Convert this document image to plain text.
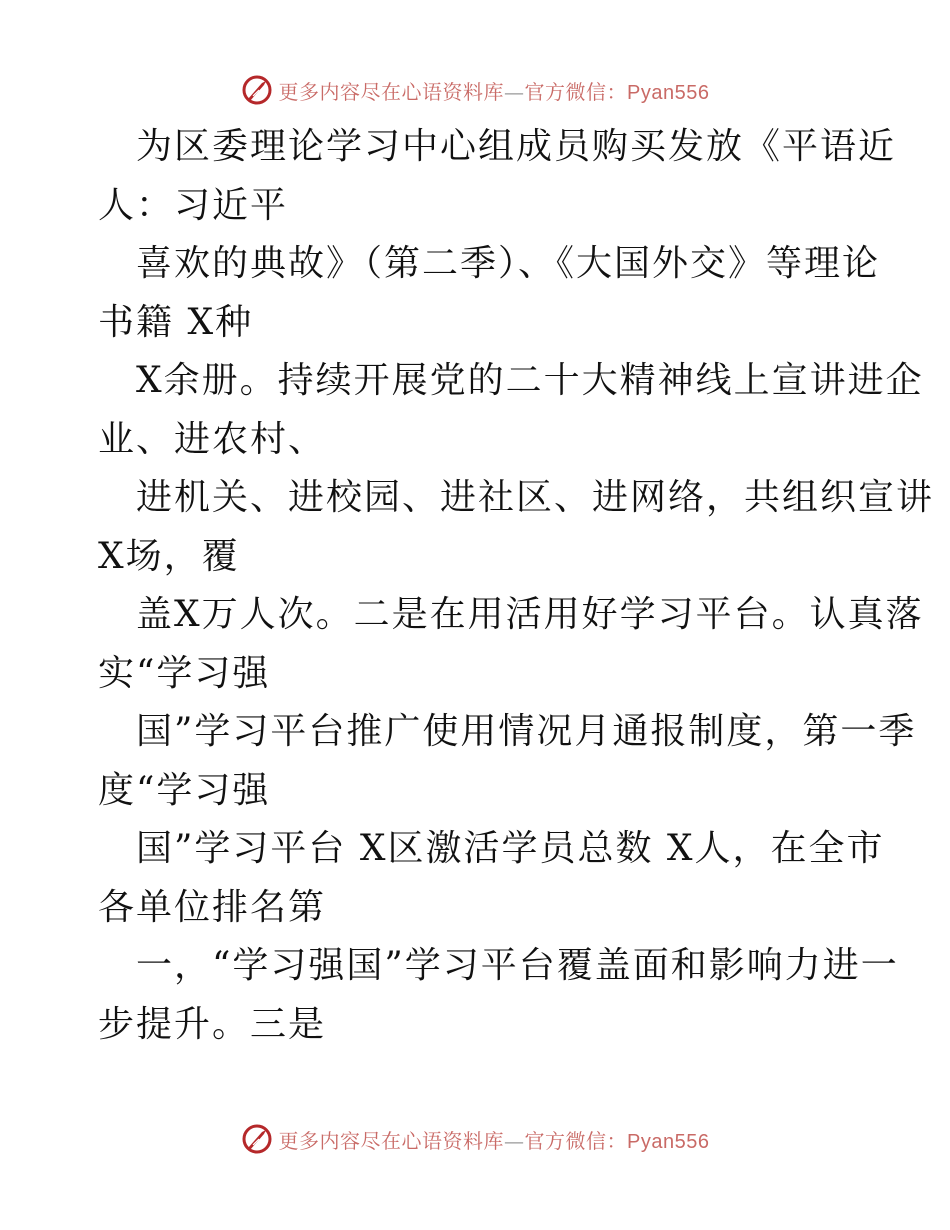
更多内容尽在心语资料库—官方微信：Pyan556
为区委理论学习中心组成员购买发放《平语近
人：习近平
喜欢的典故》（第二季）、《大国外交》等理论
书籍 X种
X余册。持续开展党的二十大精神线上宣讲进企
业、进农村、
进机关、进校园、进社区、进网络，共组织宣讲
X场，覆
盖X万人次。二是在用活用好学习平台。认真落
实“学习强
国”学习平台推广使用情况月通报制度，第一季
度“学习强
国”学习平台 X区激活学员总数 X人，在全市
各单位排名第
一，“学习强国”学习平台覆盖面和影响力进一
步提升。三是
更多内容尽在心语资料库—官方微信：Pyan556
